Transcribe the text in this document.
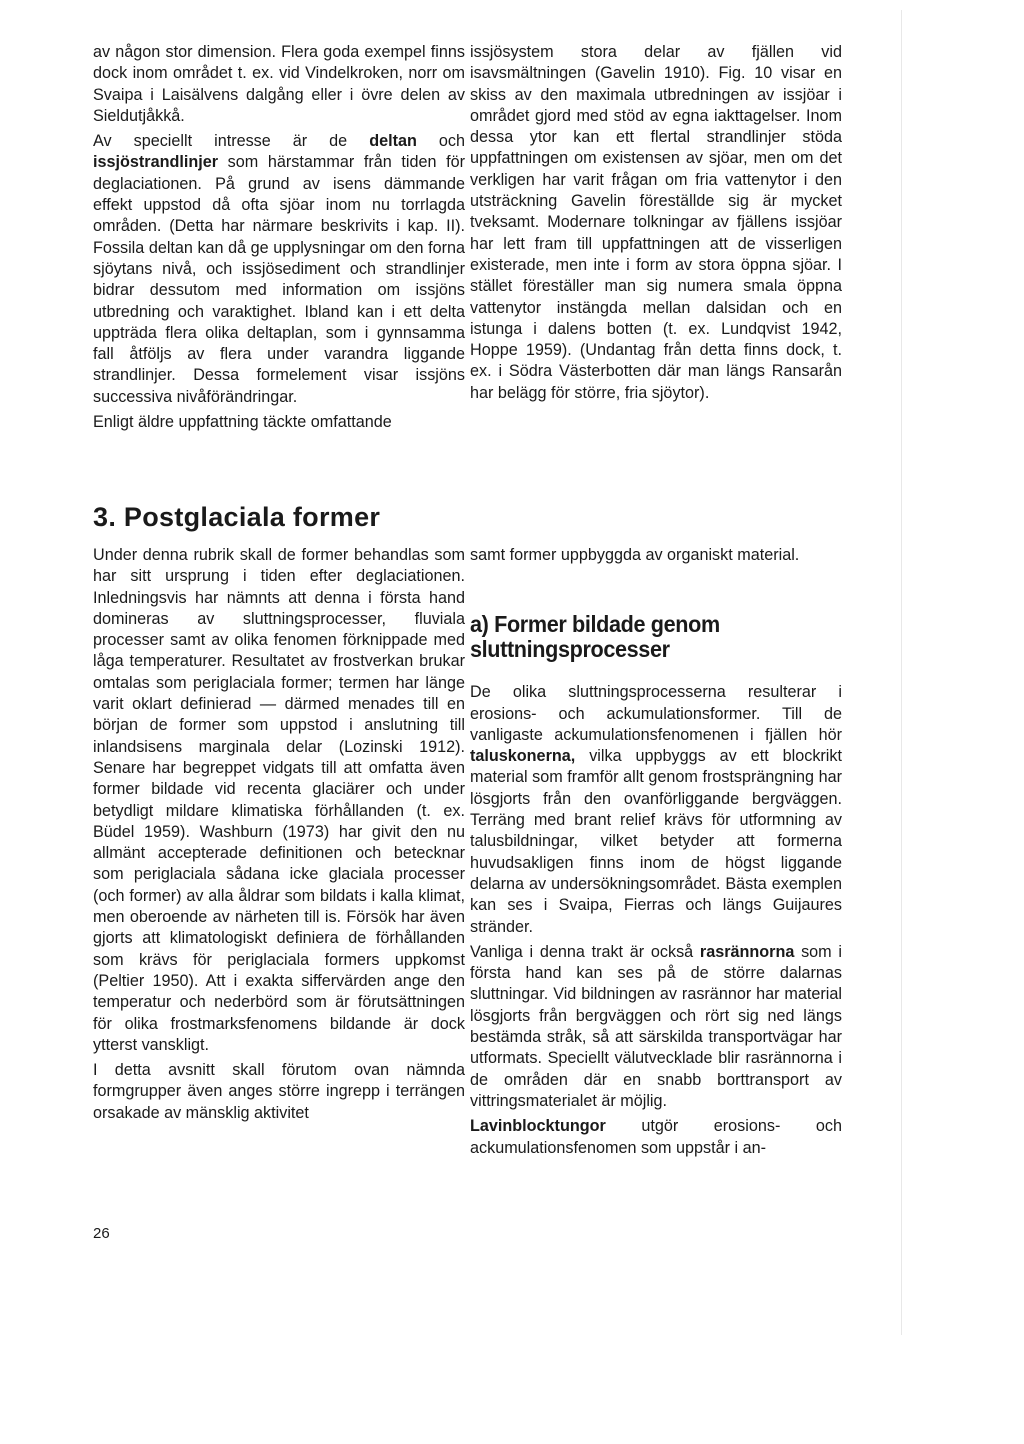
av någon stor dimension. Flera goda exempel finns dock inom området t. ex. vid Vindelkroken, norr om Svaipa i Laisälvens dalgång eller i övre delen av Sieldutjåkkå.

Av speciellt intresse är de deltan och issjöstrandlinjer som härstammar från tiden för deglaciationen. På grund av isens dämmande effekt uppstod då ofta sjöar inom nu torrlagda områden. (Detta har närmare beskrivits i kap. II). Fossila deltan kan då ge upplysningar om den forna sjöytans nivå, och issjösediment och strandlinjer bidrar dessutom med information om issjöns utbredning och varaktighet. Ibland kan i ett delta uppträda flera olika deltaplan, som i gynnsamma fall åtföljs av flera under varandra liggande strandlinjer. Dessa formelement visar issjöns successiva nivåförändringar.

Enligt äldre uppfattning täckte omfattande

issjösystem stora delar av fjällen vid isavsmältningen (Gavelin 1910). Fig. 10 visar en skiss av den maximala utbredningen av issjöar i området gjord med stöd av egna iakttagelser. Inom dessa ytor kan ett flertal strandlinjer stöda uppfattningen om existensen av sjöar, men om det verkligen har varit frågan om fria vattenytor i den utsträckning Gavelin föreställde sig är mycket tveksamt. Modernare tolkningar av fjällens issjöar har lett fram till uppfattningen att de visserligen existerade, men inte i form av stora öppna sjöar. I stället föreställer man sig numera smala öppna vattenytor instängda mellan dalsidan och en istunga i dalens botten (t. ex. Lundqvist 1942, Hoppe 1959). (Undantag från detta finns dock, t. ex. i Södra Västerbotten där man längs Ransarån har belägg för större, fria sjöytor).

3. Postglaciala former

Under denna rubrik skall de former behandlas som har sitt ursprung i tiden efter deglaciationen. Inledningsvis har nämnts att denna i första hand domineras av sluttningsprocesser, fluviala processer samt av olika fenomen förknippade med låga temperaturer. Resultatet av frostverkan brukar omtalas som periglaciala former; termen har länge varit oklart definierad — därmed menades till en början de former som uppstod i anslutning till inlandsisens marginala delar (Lozinski 1912). Senare har begreppet vidgats till att omfatta även former bildade vid recenta glaciärer och under betydligt mildare klimatiska förhållanden (t. ex. Büdel 1959). Washburn (1973) har givit den nu allmänt accepterade definitionen och betecknar som periglaciala sådana icke glaciala processer (och former) av alla åldrar som bildats i kalla klimat, men oberoende av närheten till is. Försök har även gjorts att klimatologiskt definiera de förhållanden som krävs för periglaciala formers uppkomst (Peltier 1950). Att i exakta siffervärden ange den temperatur och nederbörd som är förutsättningen för olika frostmarksfenomens bildande är dock ytterst vanskligt.

I detta avsnitt skall förutom ovan nämnda formgrupper även anges större ingrepp i terrängen orsakade av mänsklig aktivitet

samt former uppbyggda av organiskt material.

a) Former bildade genom sluttningsprocesser

De olika sluttningsprocesserna resulterar i erosions- och ackumulationsformer. Till de vanligaste ackumulationsfenomenen i fjällen hör taluskonerna, vilka uppbyggs av ett blockrikt material som framför allt genom frostsprängning har lösgjorts från den ovanförliggande bergväggen. Terräng med brant relief krävs för utformning av talusbildningar, vilket betyder att formerna huvudsakligen finns inom de högst liggande delarna av undersökningsområdet. Bästa exemplen kan ses i Svaipa, Fierras och längs Guijaures stränder.

Vanliga i denna trakt är också rasrännorna som i första hand kan ses på de större dalarnas sluttningar. Vid bildningen av rasrännor har material lösgjorts från bergväggen och rört sig ned längs bestämda stråk, så att särskilda transportvägar har utformats. Speciellt välutvecklade blir rasrännorna i de områden där en snabb borttransport av vittringsmaterialet är möjlig.

Lavinblocktungor utgör erosions- och ackumulationsfenomen som uppstår i an-

26
